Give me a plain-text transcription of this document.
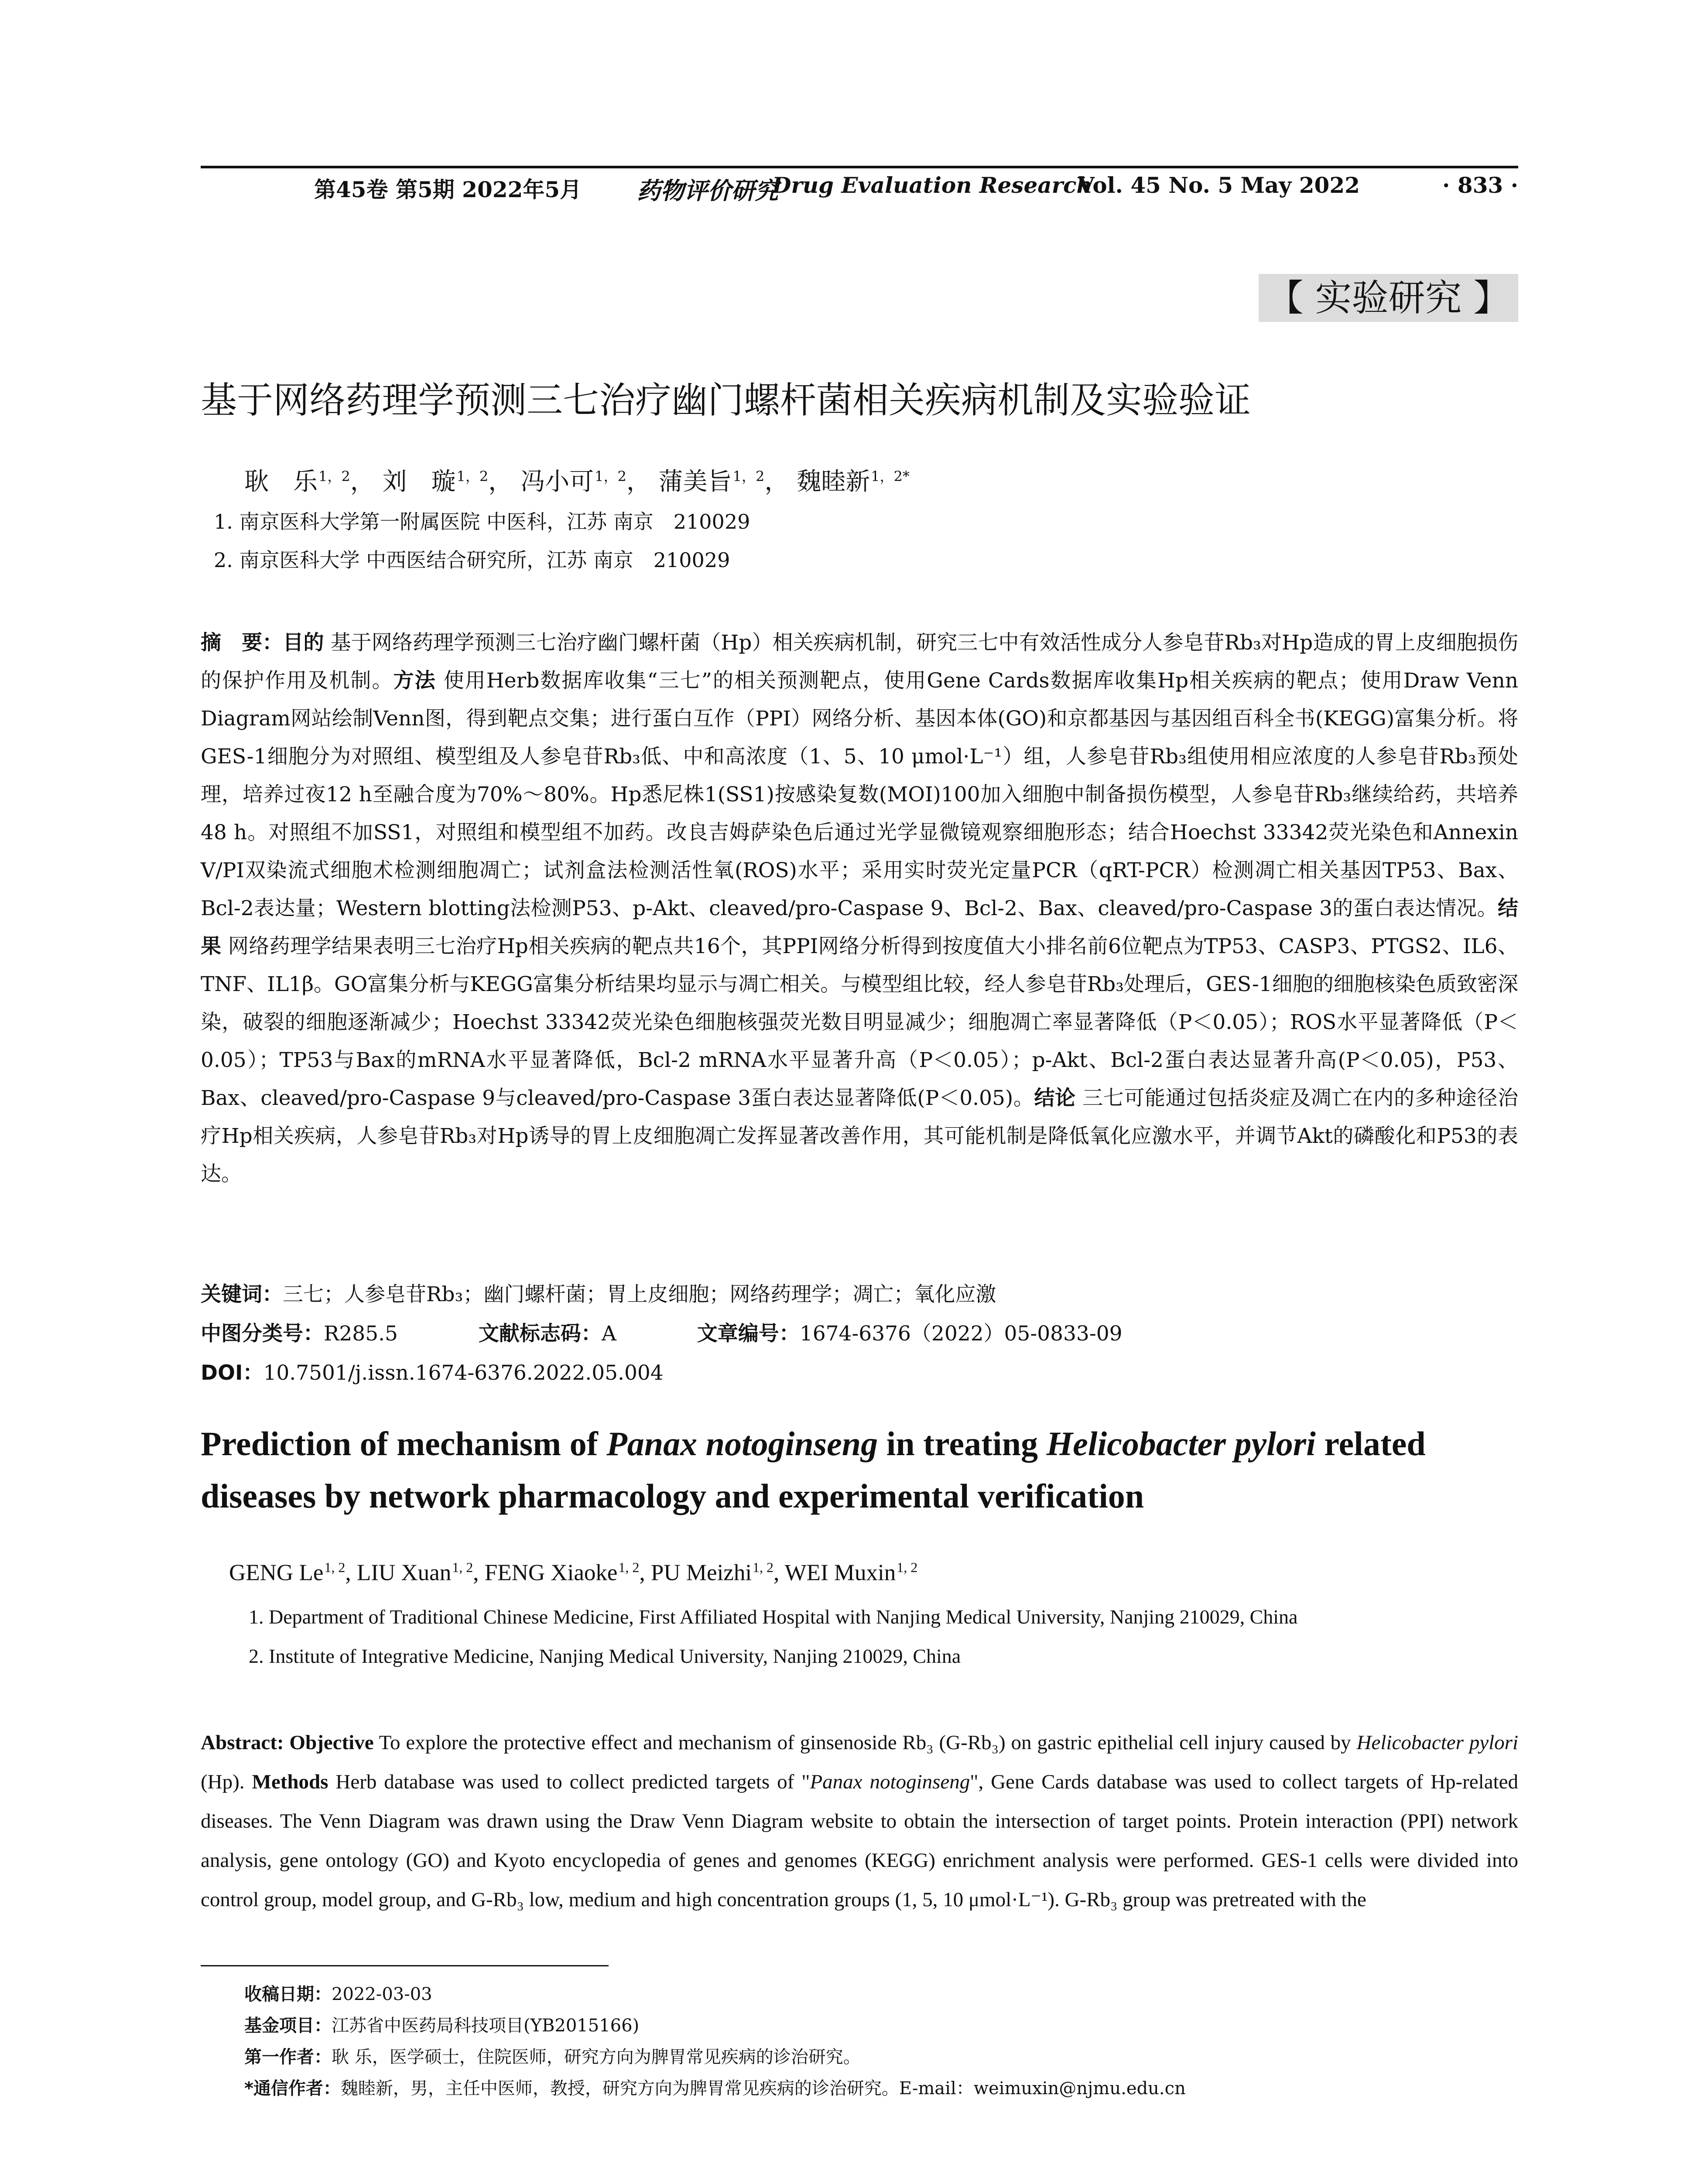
第45卷 第5期 2022年5月 药物评价研究
Drug Evaluation Research
Vol. 45 No. 5 May 2022	· 833 ·
【 实验研究 】
基于网络药理学预测三七治疗幽门螺杆菌相关疾病机制及实验验证
耿　乐$^{1,2}$， 刘　璇$^{1,2}$， 冯小可$^{1,2}$， 蒲美旨$^{1,2}$， 魏睦新$^{1,2*}$
1. 南京医科大学第一附属医院 中医科，江苏 南京　210029
2. 南京医科大学 中西医结合研究所，江苏 南京　210029
摘　要：目的 基于网络药理学预测三七治疗幽门螺杆菌（Hp）相关疾病机制，研究三七中有效活性成分人参皂苷Rb₃对Hp造成的胃上皮细胞损伤的保护作用及机制。方法 使用Herb数据库收集“三七”的相关预测靶点，使用Gene Cards数据库收集Hp相关疾病的靶点；使用Draw Venn Diagram网站绘制Venn图，得到靶点交集；进行蛋白互作（PPI）网络分析、基因本体(GO)和京都基因与基因组百科全书(KEGG)富集分析。将GES-1细胞分为对照组、模型组及人参皂苷Rb₃低、中和高浓度（1、5、10 μmol·L⁻¹）组，人参皂苷Rb₃组使用相应浓度的人参皂苷Rb₃预处理，培养过夜12 h至融合度为70%～80%。Hp悉尼株1(SS1)按感染复数(MOI)100加入细胞中制备损伤模型，人参皂苷Rb₃继续给药，共培养48 h。对照组不加SS1，对照组和模型组不加药。改良吉姆萨染色后通过光学显微镜观察细胞形态；结合Hoechst 33342荧光染色和Annexin V/PI双染流式细胞术检测细胞凋亡；试剂盒法检测活性氧(ROS)水平；采用实时荧光定量PCR（qRT-PCR）检测凋亡相关基因TP53、Bax、Bcl-2表达量；Western blotting法检测P53、p-Akt、cleaved/pro-Caspase 9、Bcl-2、Bax、cleaved/pro-Caspase 3的蛋白表达情况。结果 网络药理学结果表明三七治疗Hp相关疾病的靶点共16个，其PPI网络分析得到按度值大小排名前6位靶点为TP53、CASP3、PTGS2、IL6、TNF、IL1β。GO富集分析与KEGG富集分析结果均显示与凋亡相关。与模型组比较，经人参皂苷Rb₃处理后，GES-1细胞的细胞核染色质致密深染，破裂的细胞逐渐减少；Hoechst 33342荧光染色细胞核强荧光数目明显减少；细胞凋亡率显著降低（P＜0.05）；ROS水平显著降低（P＜0.05）；TP53与Bax的mRNA水平显著降低，Bcl-2 mRNA水平显著升高（P＜0.05）；p-Akt、Bcl-2蛋白表达显著升高(P＜0.05)，P53、Bax、cleaved/pro-Caspase 9与cleaved/pro-Caspase 3蛋白表达显著降低(P＜0.05)。结论 三七可能通过包括炎症及凋亡在内的多种途径治疗Hp相关疾病，人参皂苷Rb₃对Hp诱导的胃上皮细胞凋亡发挥显著改善作用，其可能机制是降低氧化应激水平，并调节Akt的磷酸化和P53的表达。
关键词：三七；人参皂苷Rb₃；幽门螺杆菌；胃上皮细胞；网络药理学；凋亡；氧化应激
中图分类号：R285.5	文献标志码：A	文章编号：1674-6376（2022）05-0833-09
DOI：10.7501/j.issn.1674-6376.2022.05.004
Prediction of mechanism of Panax notoginseng in treating Helicobacter pylori related diseases by network pharmacology and experimental verification
GENG Le$^{1, 2}$, LIU Xuan$^{1, 2}$, FENG Xiaoke$^{1, 2}$, PU Meizhi$^{1, 2}$, WEI Muxin$^{1, 2}$
1. Department of Traditional Chinese Medicine, First Affiliated Hospital with Nanjing Medical University, Nanjing 210029, China
2. Institute of Integrative Medicine, Nanjing Medical University, Nanjing 210029, China
Abstract: Objective To explore the protective effect and mechanism of ginsenoside Rb₃ (G-Rb₃) on gastric epithelial cell injury caused by Helicobacter pylori (Hp). Methods Herb database was used to collect predicted targets of "Panax notoginseng", Gene Cards database was used to collect targets of Hp-related diseases. The Venn Diagram was drawn using the Draw Venn Diagram website to obtain the intersection of target points. Protein interaction (PPI) network analysis, gene ontology (GO) and Kyoto encyclopedia of genes and genomes (KEGG) enrichment analysis were performed. GES-1 cells were divided into control group, model group, and G-Rb₃ low, medium and high concentration groups (1, 5, 10 μmol·L⁻¹). G-Rb₃ group was pretreated with the
收稿日期：2022-03-03
基金项目：江苏省中医药局科技项目(YB2015166)
第一作者：耿 乐，医学硕士，住院医师，研究方向为脾胃常见疾病的诊治研究。
*通信作者：魏睦新，男，主任中医师，教授，研究方向为脾胃常见疾病的诊治研究。E-mail：weimuxin@njmu.edu.cn
